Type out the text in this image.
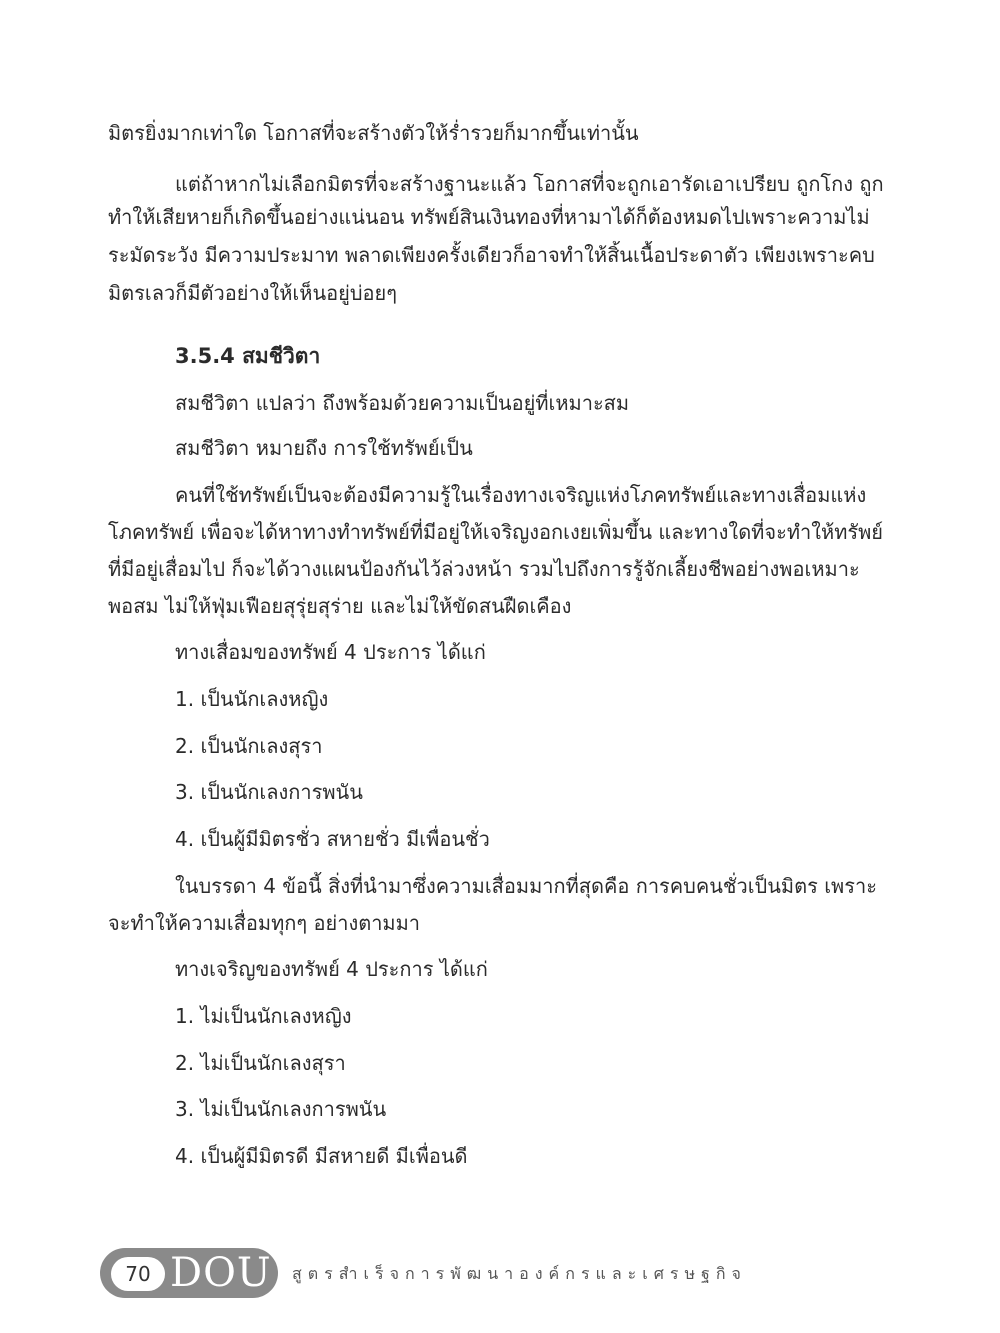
มิตรยิ่งมากเท่าใด โอกาสที่จะสร้างตัวให้ร่ำรวยก็มากขึ้นเท่านั้น
แต่ถ้าหากไม่เลือกมิตรที่จะสร้างฐานะแล้ว โอกาสที่จะถูกเอารัดเอาเปรียบ ถูกโกง ถูก
ทำให้เสียหายก็เกิดขึ้นอย่างแน่นอน ทรัพย์สินเงินทองที่หามาได้ก็ต้องหมดไปเพราะความไม่
ระมัดระวัง มีความประมาท พลาดเพียงครั้งเดียวก็อาจทำให้สิ้นเนื้อประดาตัว เพียงเพราะคบ
มิตรเลวก็มีตัวอย่างให้เห็นอยู่บ่อยๆ
3.5.4 สมชีวิตา
สมชีวิตา แปลว่า ถึงพร้อมด้วยความเป็นอยู่ที่เหมาะสม
สมชีวิตา หมายถึง การใช้ทรัพย์เป็น
คนที่ใช้ทรัพย์เป็นจะต้องมีความรู้ในเรื่องทางเจริญแห่งโภคทรัพย์และทางเสื่อมแห่ง
โภคทรัพย์ เพื่อจะได้หาทางทำทรัพย์ที่มีอยู่ให้เจริญงอกเงยเพิ่มขึ้น และทางใดที่จะทำให้ทรัพย์
ที่มีอยู่เสื่อมไป ก็จะได้วางแผนป้องกันไว้ล่วงหน้า รวมไปถึงการรู้จักเลี้ยงชีพอย่างพอเหมาะ
พอสม ไม่ให้ฟุ่มเฟือยสุรุ่ยสุร่าย และไม่ให้ขัดสนฝืดเคือง
ทางเสื่อมของทรัพย์ 4 ประการ ได้แก่
1. เป็นนักเลงหญิง
2. เป็นนักเลงสุรา
3. เป็นนักเลงการพนัน
4. เป็นผู้มีมิตรชั่ว สหายชั่ว มีเพื่อนชั่ว
ในบรรดา 4 ข้อนี้ สิ่งที่นำมาซึ่งความเสื่อมมากที่สุดคือ การคบคนชั่วเป็นมิตร เพราะ
จะทำให้ความเสื่อมทุกๆ อย่างตามมา
ทางเจริญของทรัพย์ 4 ประการ ได้แก่
1. ไม่เป็นนักเลงหญิง
2. ไม่เป็นนักเลงสุรา
3. ไม่เป็นนักเลงการพนัน
4. เป็นผู้มีมิตรดี มีสหายดี มีเพื่อนดี
70 DOU สูตรสำเร็จการพัฒนาองค์กรและเศรษฐกิจ
